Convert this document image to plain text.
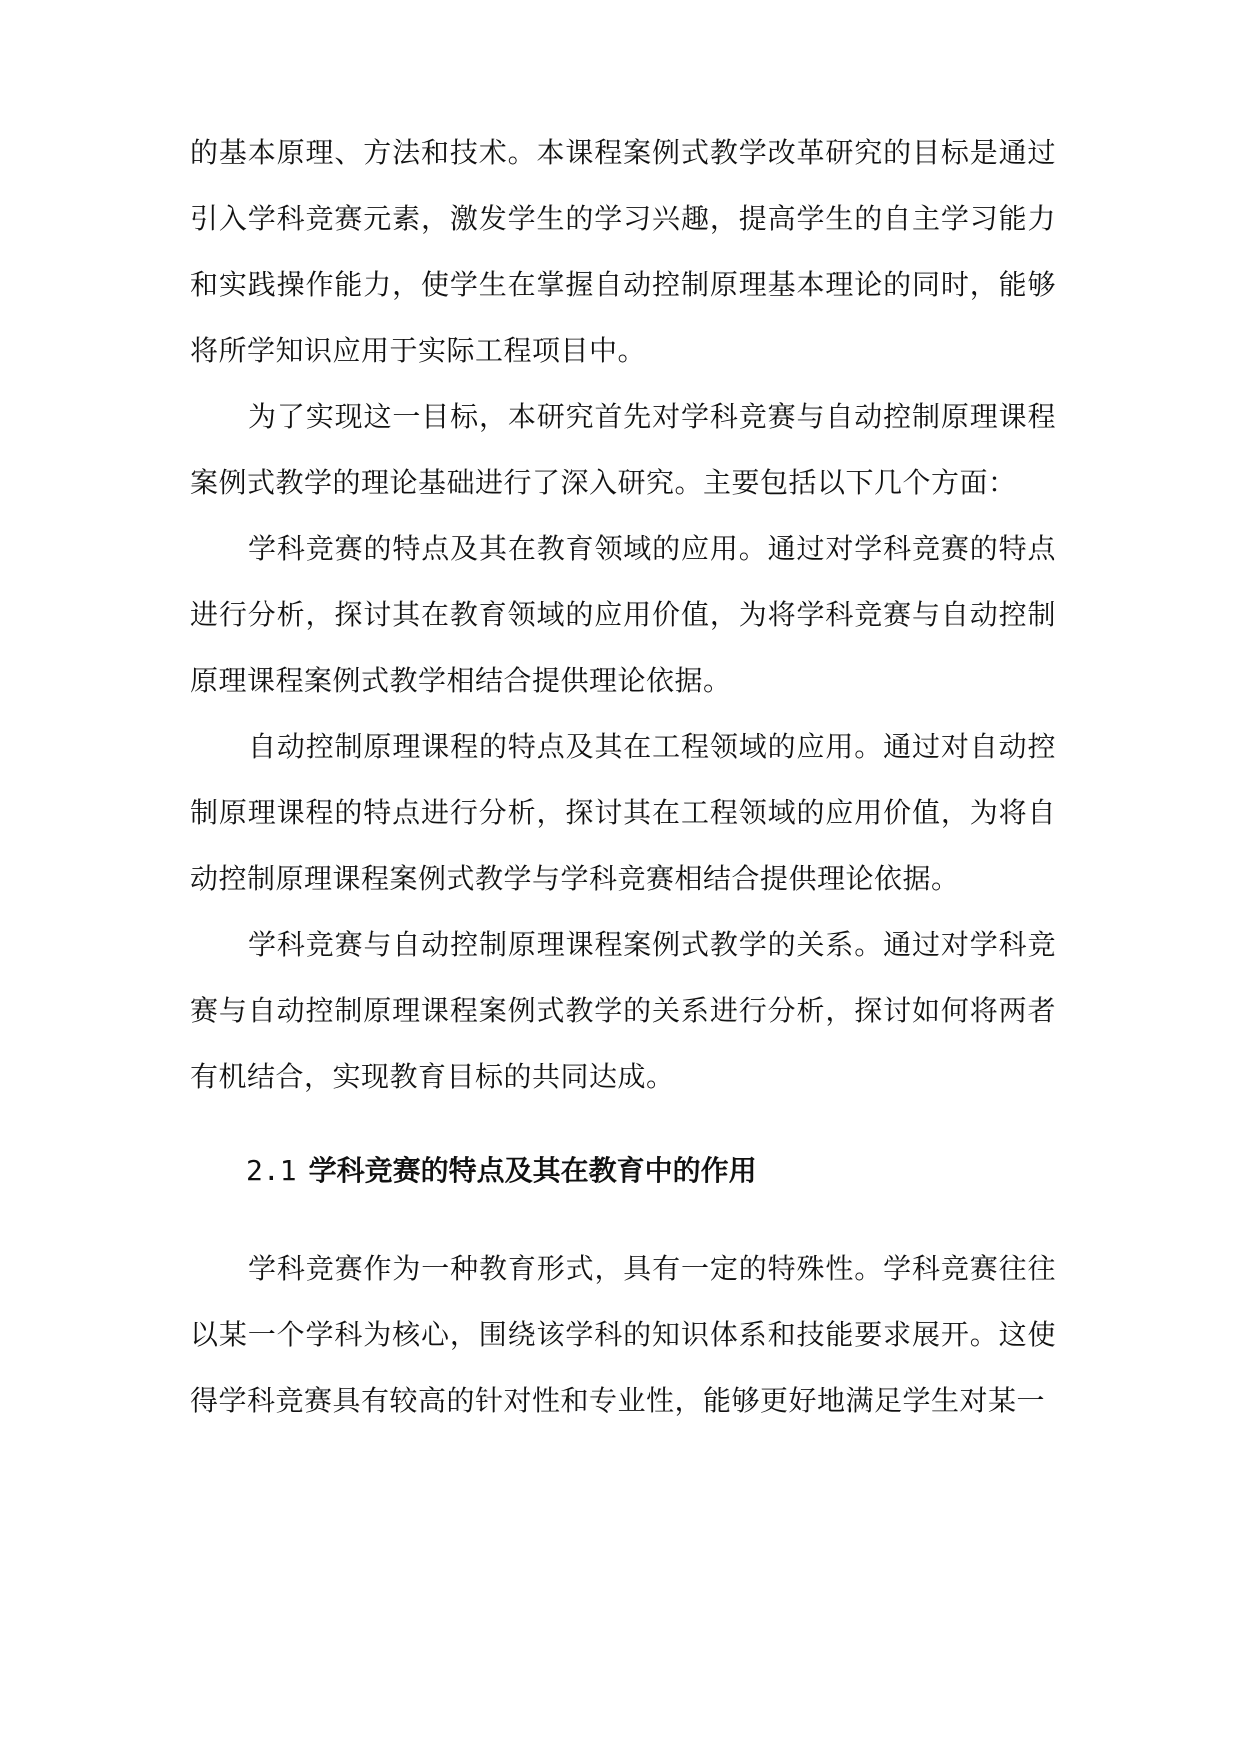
的基本原理、方法和技术。本课程案例式教学改革研究的目标是通过引入学科竞赛元素，激发学生的学习兴趣，提高学生的自主学习能力和实践操作能力，使学生在掌握自动控制原理基本理论的同时，能够将所学知识应用于实际工程项目中。

为了实现这一目标，本研究首先对学科竞赛与自动控制原理课程案例式教学的理论基础进行了深入研究。主要包括以下几个方面：

学科竞赛的特点及其在教育领域的应用。通过对学科竞赛的特点进行分析，探讨其在教育领域的应用价值，为将学科竞赛与自动控制原理课程案例式教学相结合提供理论依据。

自动控制原理课程的特点及其在工程领域的应用。通过对自动控制原理课程的特点进行分析，探讨其在工程领域的应用价值，为将自动控制原理课程案例式教学与学科竞赛相结合提供理论依据。

学科竞赛与自动控制原理课程案例式教学的关系。通过对学科竞赛与自动控制原理课程案例式教学的关系进行分析，探讨如何将两者有机结合，实现教育目标的共同达成。

2.1 学科竞赛的特点及其在教育中的作用

学科竞赛作为一种教育形式，具有一定的特殊性。学科竞赛往往以某一个学科为核心，围绕该学科的知识体系和技能要求展开。这使得学科竞赛具有较高的针对性和专业性，能够更好地满足学生对某一
